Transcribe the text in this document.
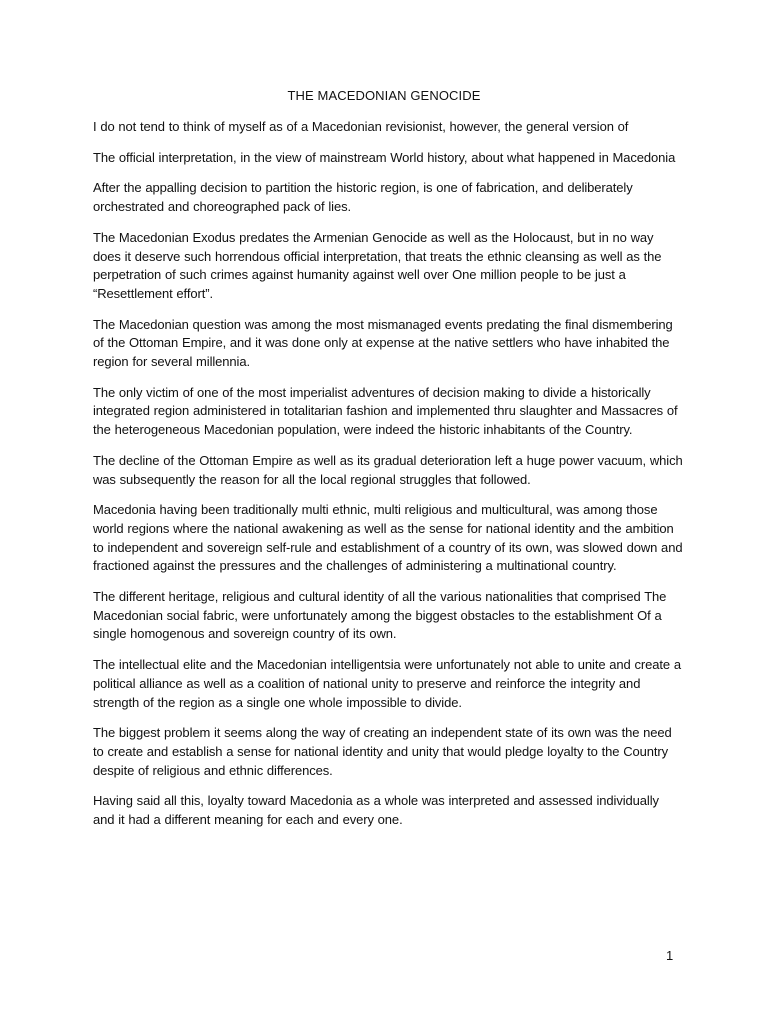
THE MACEDONIAN GENOCIDE

I do not tend to think of myself as of a Macedonian revisionist, however, the general version of

The official interpretation, in the view of mainstream World history, about what happened in Macedonia

After the appalling decision to partition the historic region, is one of fabrication, and deliberately orchestrated and choreographed pack of lies.

The Macedonian Exodus predates the Armenian Genocide as well as the Holocaust, but in no way does it deserve such horrendous official interpretation, that treats the ethnic cleansing as well as the perpetration of such crimes against humanity against well over One million people to be just a “Resettlement effort”.

The Macedonian question was among the most mismanaged events predating the final dismembering of the Ottoman Empire, and it was done only at expense at the native settlers who have inhabited the region for several millennia.

The only victim of one of the most imperialist adventures of decision making to divide a historically integrated region administered in totalitarian fashion and implemented thru slaughter and Massacres of the heterogeneous Macedonian population, were indeed the historic inhabitants of the Country.

The decline of the Ottoman Empire as well as its gradual deterioration left a huge power vacuum, which was subsequently the reason for all the local regional struggles that followed.

Macedonia having been traditionally multi ethnic, multi religious and multicultural, was among those world regions where the national awakening as well as the sense for national identity and the ambition to independent and sovereign self-rule and establishment of a country of its own, was slowed down and fractioned against the pressures and the challenges of administering a multinational country.

The different heritage, religious and cultural identity of all the various nationalities that comprised The Macedonian social fabric, were unfortunately among the biggest obstacles to the establishment Of a single homogenous and sovereign country of its own.

The intellectual elite and the Macedonian intelligentsia were unfortunately not able to unite and create a political alliance as well as a coalition of national unity to preserve and reinforce the integrity and strength of the region as a single one whole impossible to divide.

The biggest problem it seems along the way of creating an independent state of its own was the need to create and establish a sense for national identity and unity that would pledge loyalty to the Country despite of religious and ethnic differences.

Having said all this, loyalty toward Macedonia as a whole was interpreted and assessed individually and it had a different meaning for each and every one.

1
